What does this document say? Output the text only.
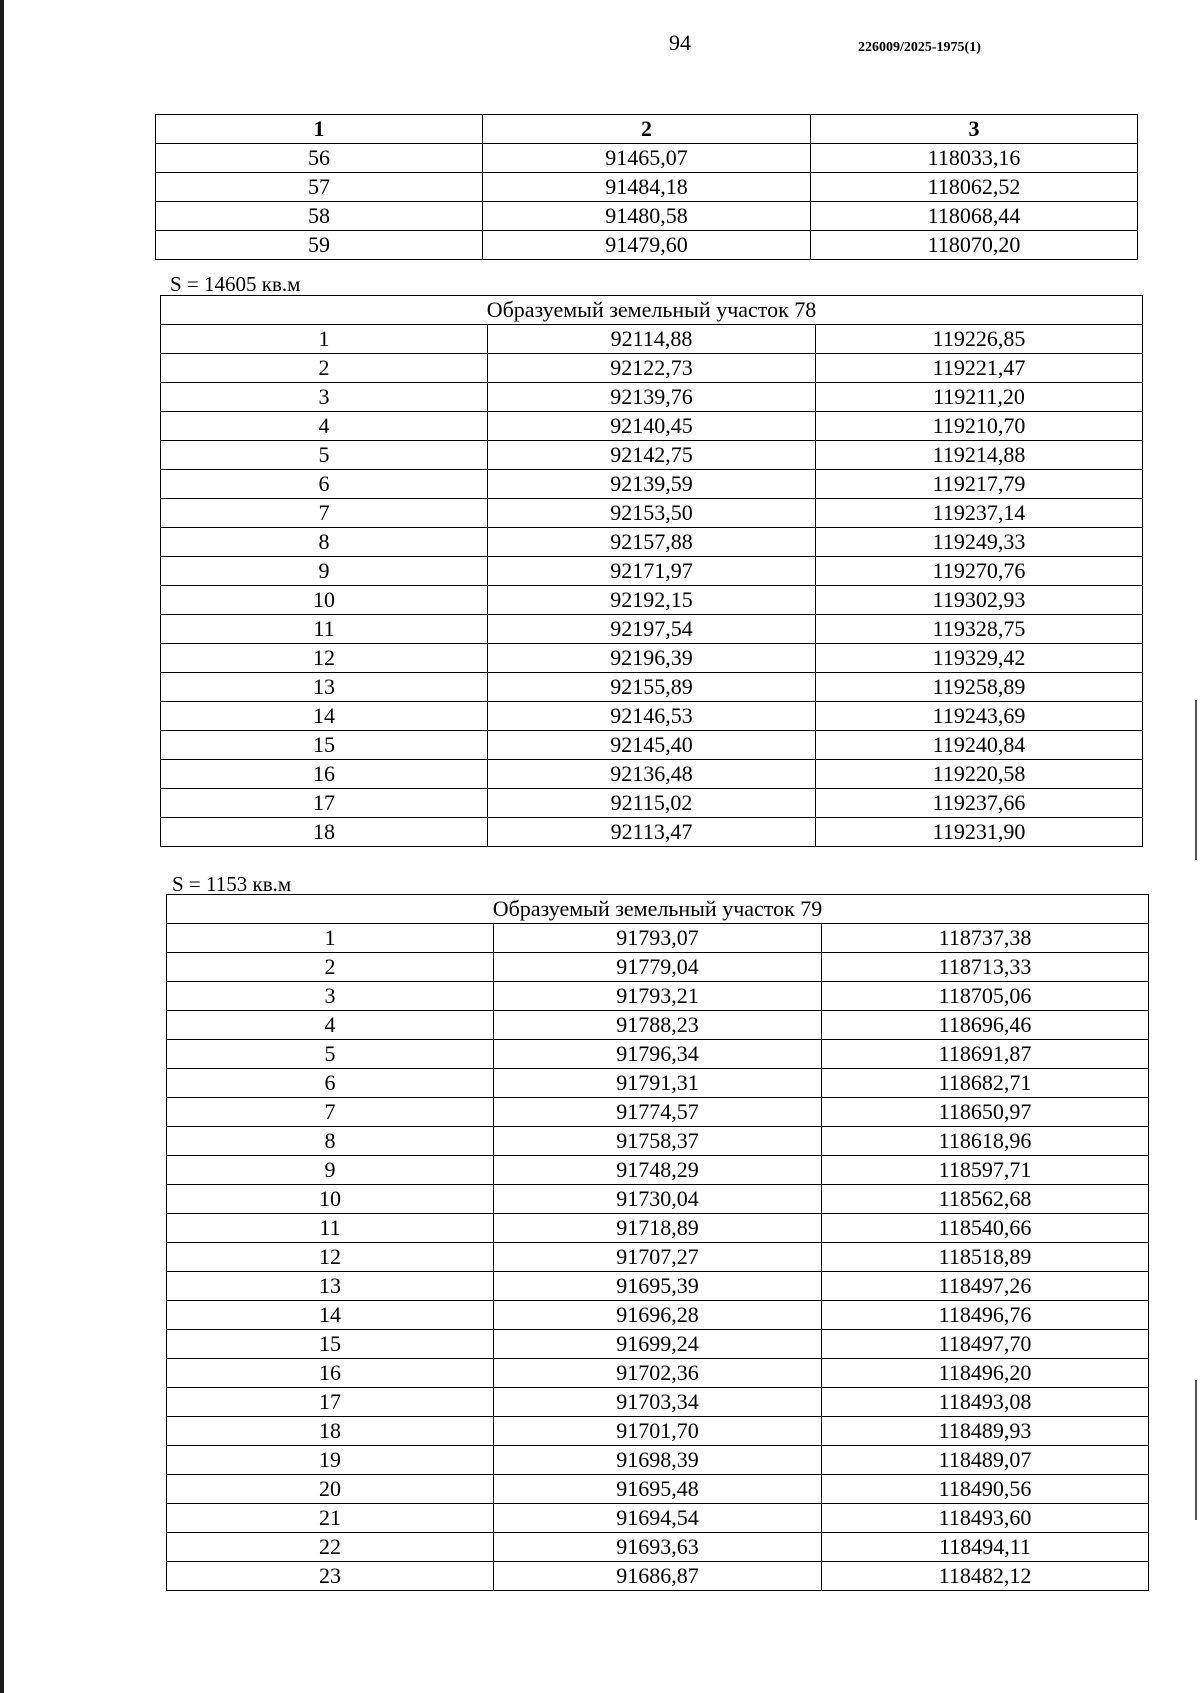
94	226009/2025-1975(1)
1	2	3
56	91465,07	118033,16
57	91484,18	118062,52
58	91480,58	118068,44
59	91479,60	118070,20
S = 14605 кв.м
Образуемый земельный участок 78		
1	92114,88	119226,85
2	92122,73	119221,47
3	92139,76	119211,20
4	92140,45	119210,70
5	92142,75	119214,88
6	92139,59	119217,79
7	92153,50	119237,14
8	92157,88	119249,33
9	92171,97	119270,76
10	92192,15	119302,93
11	92197,54	119328,75
12	92196,39	119329,42
13	92155,89	119258,89
14	92146,53	119243,69
15	92145,40	119240,84
16	92136,48	119220,58
17	92115,02	119237,66
18	92113,47	119231,90
S = 1153 кв.м
Образуемый земельный участок 79		
1	91793,07	118737,38
2	91779,04	118713,33
3	91793,21	118705,06
4	91788,23	118696,46
5	91796,34	118691,87
6	91791,31	118682,71
7	91774,57	118650,97
8	91758,37	118618,96
9	91748,29	118597,71
10	91730,04	118562,68
11	91718,89	118540,66
12	91707,27	118518,89
13	91695,39	118497,26
14	91696,28	118496,76
15	91699,24	118497,70
16	91702,36	118496,20
17	91703,34	118493,08
18	91701,70	118489,93
19	91698,39	118489,07
20	91695,48	118490,56
21	91694,54	118493,60
22	91693,63	118494,11
23	91686,87	118482,12
